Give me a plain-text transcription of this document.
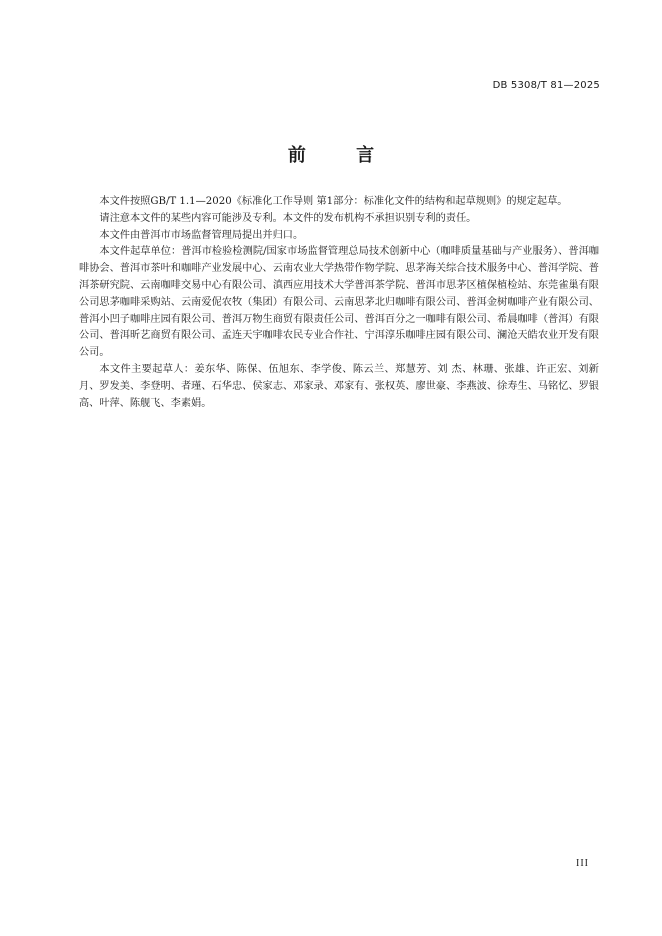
DB 5308/T 81—2025
前 言

本文件按照GB/T 1.1—2020《标准化工作导则 第1部分：标准化文件的结构和起草规则》的规定起草。

请注意本文件的某些内容可能涉及专利。本文件的发布机构不承担识别专利的责任。

本文件由普洱市市场监督管理局提出并归口。

本文件起草单位：普洱市检验检测院/国家市场监督管理总局技术创新中心（咖啡质量基础与产业服务）、普洱咖啡协会、普洱市茶叶和咖啡产业发展中心、云南农业大学热带作物学院、思茅海关综合技术服务中心、普洱学院、普洱茶研究院、云南咖啡交易中心有限公司、滇西应用技术大学普洱茶学院、普洱市思茅区植保植检站、东莞雀巢有限公司思茅咖啡采购站、云南爱伲农牧（集团）有限公司、云南思茅北归咖啡有限公司、普洱金树咖啡产业有限公司、普洱小凹子咖啡庄园有限公司、普洱万物生商贸有限责任公司、普洱百分之一咖啡有限公司、希晨咖啡（普洱）有限公司、普洱昕艺商贸有限公司、孟连天宇咖啡农民专业合作社、宁洱淳乐咖啡庄园有限公司、澜沧天皓农业开发有限公司。

本文件主要起草人：姜东华、陈保、伍旭东、李学俊、陈云兰、郑慧芳、刘 杰、林珊、张雄、许正宏、刘新月、罗发美、李登明、者瑾、石华忠、侯家志、邓家录、邓家有、张权英、廖世豪、李燕波、徐寿生、马铭忆、罗银高、叶萍、陈舰飞、李素娟。

III
